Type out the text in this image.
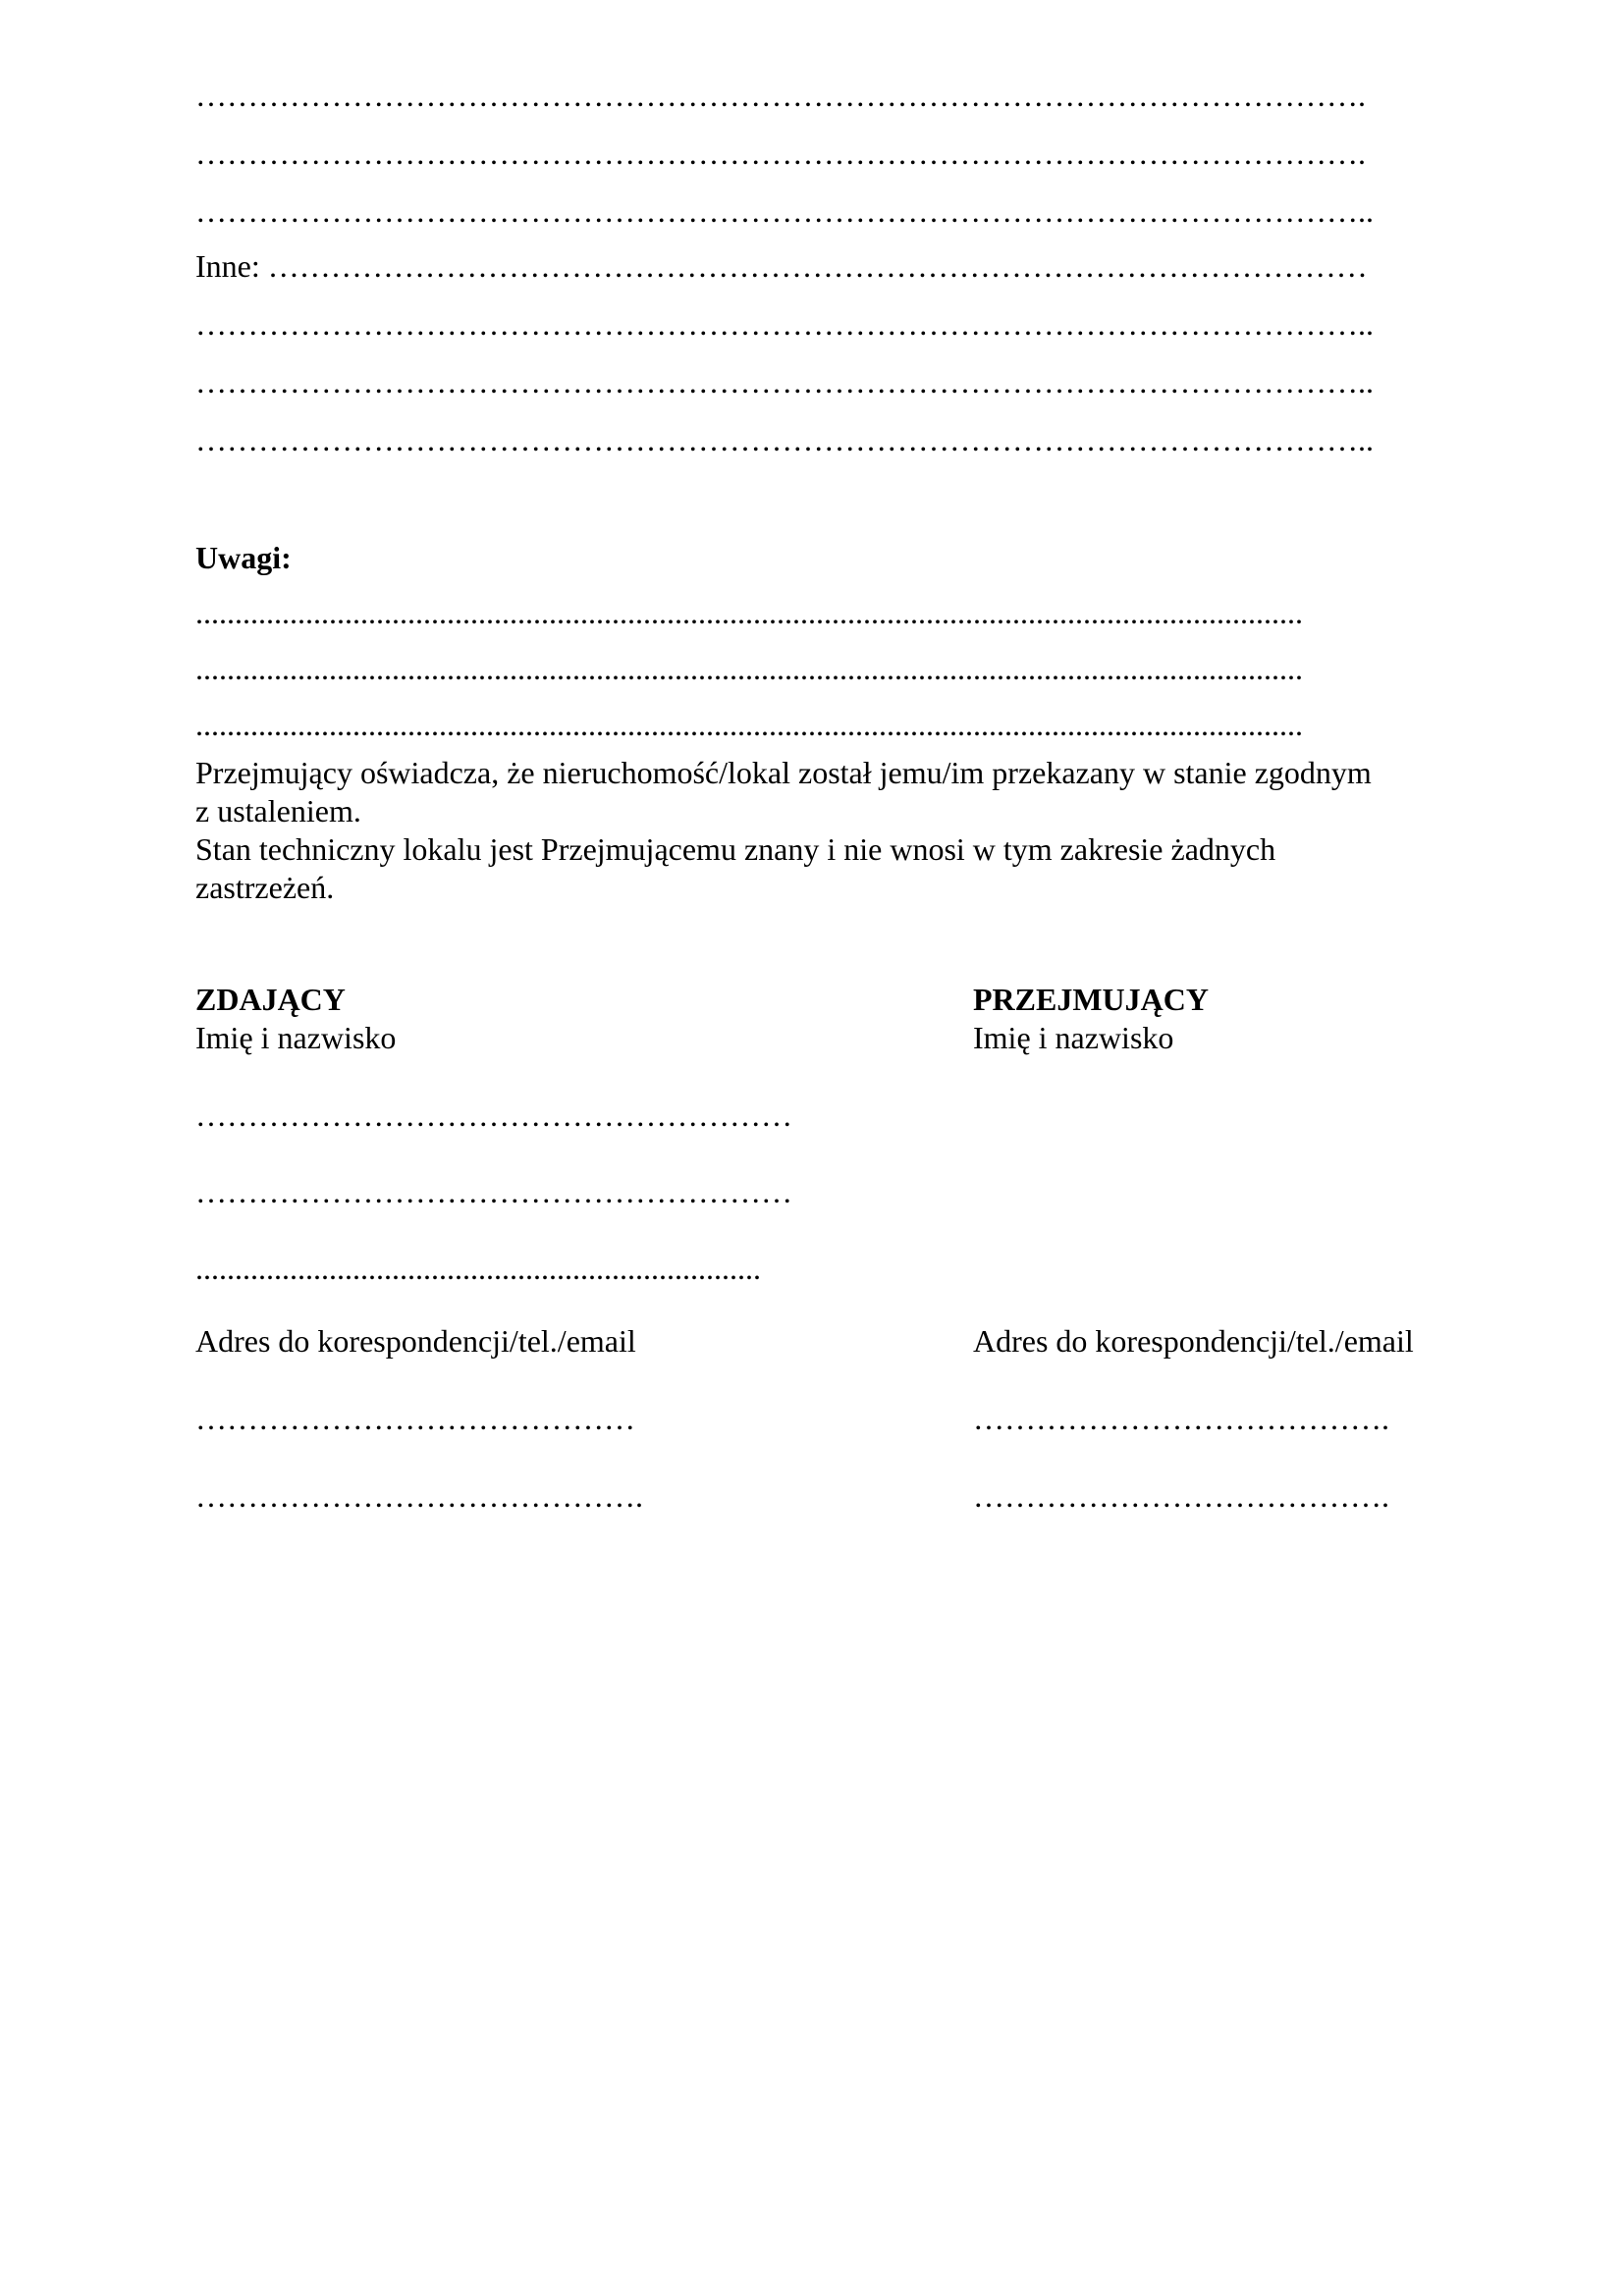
………………………………………………………………………………………………….
………………………………………………………………………………………………….
…………………………………………………………………………………………………..
Inne: ……………………………………………………………………………………………
…………………………………………………………………………………………………..
…………………………………………………………………………………………………..
…………………………………………………………………………………………………..
Uwagi:
.............................................................................................................................................
.............................................................................................................................................
.............................................................................................................................................
Przejmujący oświadcza, że nieruchomość/lokal został jemu/im przekazany w stanie zgodnym
z ustaleniem.
Stan techniczny lokalu jest Przejmującemu znany i nie wnosi w tym zakresie żadnych
zastrzeżeń.
ZDAJĄCY
Imię i nazwisko
…………………………………………………
…………………………………………………
........................................................................
Adres do korespondencji/tel./email
……………………………………
…………………………………….
PRZEJMUJĄCY
Imię i nazwisko
Adres do korespondencji/tel./email
………………………………….
………………………………….
